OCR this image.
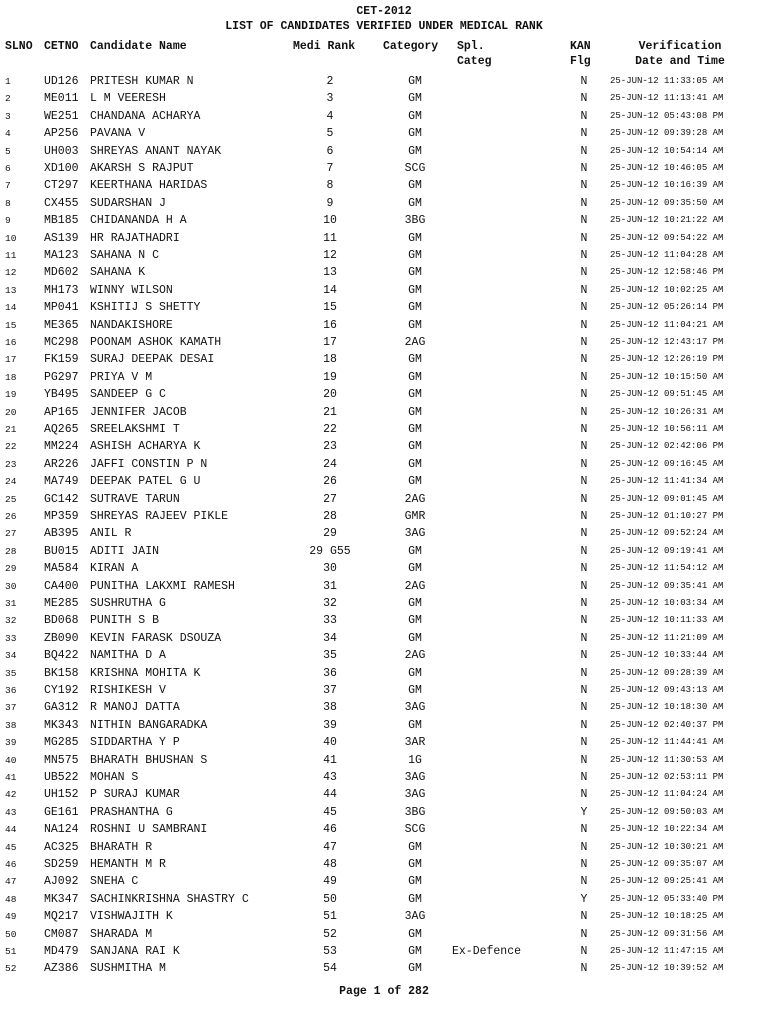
CET-2012
LIST OF CANDIDATES VERIFIED UNDER MEDICAL RANK
SLNO CETNO Candidate Name	Medi Rank Category Spl.
Categ
KAN
Flg
Verification
Date and Time
1	UD126 PRITESH KUMAR N	2	GM	N	25-JUN-12 11:33:05 AM
2	ME011 L M VEERESH	3	GM	N	25-JUN-12 11:13:41 AM
3	WE251 CHANDANA ACHARYA	4	GM	N	25-JUN-12 05:43:08 PM
4	AP256 PAVANA V	5	GM	N	25-JUN-12 09:39:28 AM
5	UH003 SHREYAS ANANT NAYAK	6	GM	N	25-JUN-12 10:54:14 AM
6	XD100 AKARSH S RAJPUT	7	SCG	N	25-JUN-12 10:46:05 AM
7	CT297 KEERTHANA HARIDAS	8	GM	N	25-JUN-12 10:16:39 AM
8	CX455 SUDARSHAN J	9	GM	N	25-JUN-12 09:35:50 AM
9	MB185 CHIDANANDA H A	10	3BG	N	25-JUN-12 10:21:22 AM
10 AS139 HR RAJATHADRI	11	GM	N	25-JUN-12 09:54:22 AM
11 MA123 SAHANA N C	12	GM	N	25-JUN-12 11:04:28 AM
12 MD602 SAHANA K	13	GM	N	25-JUN-12 12:58:46 PM
13 MH173 WINNY WILSON	14	GM	N	25-JUN-12 10:02:25 AM
14 MP041 KSHITIJ S SHETTY	15	GM	N	25-JUN-12 05:26:14 PM
15 ME365 NANDAKISHORE	16	GM	N	25-JUN-12 11:04:21 AM
16 MC298 POONAM ASHOK KAMATH	17	2AG	N	25-JUN-12 12:43:17 PM
17 FK159 SURAJ DEEPAK DESAI	18	GM	N	25-JUN-12 12:26:19 PM
18 PG297 PRIYA V M	19	GM	N	25-JUN-12 10:15:50 AM
19 YB495 SANDEEP G C	20	GM	N	25-JUN-12 09:51:45 AM
20 AP165 JENNIFER JACOB	21	GM	N	25-JUN-12 10:26:31 AM
21 AQ265 SREELAKSHMI T	22	GM	N	25-JUN-12 10:56:11 AM
22 MM224 ASHISH ACHARYA K	23	GM	N	25-JUN-12 02:42:06 PM
23 AR226 JAFFI CONSTIN P N	24	GM	N	25-JUN-12 09:16:45 AM
24 MA749 DEEPAK PATEL G U	26	GM	N	25-JUN-12 11:41:34 AM
25 GC142 SUTRAVE TARUN	27	2AG	N	25-JUN-12 09:01:45 AM
26 MP359 SHREYAS RAJEEV PIKLE	28	GMR	N	25-JUN-12 01:10:27 PM
27 AB395 ANIL R	29	3AG	N	25-JUN-12 09:52:24 AM
28 BU015 ADITI JAIN	29 G55	GM	N	25-JUN-12 09:19:41 AM
29 MA584 KIRAN A	30	GM	N	25-JUN-12 11:54:12 AM
30 CA400 PUNITHA LAKXMI RAMESH	31	2AG	N	25-JUN-12 09:35:41 AM
31 ME285 SUSHRUTHA G	32	GM	N	25-JUN-12 10:03:34 AM
32 BD068 PUNITH S B	33	GM	N	25-JUN-12 10:11:33 AM
33 ZB090 KEVIN FARASK DSOUZA	34	GM	N	25-JUN-12 11:21:09 AM
34 BQ422 NAMITHA D A	35	2AG	N	25-JUN-12 10:33:44 AM
35 BK158 KRISHNA MOHITA K	36	GM	N	25-JUN-12 09:28:39 AM
36 CY192 RISHIKESH V	37	GM	N	25-JUN-12 09:43:13 AM
37 GA312 R MANOJ DATTA	38	3AG	N	25-JUN-12 10:18:30 AM
38 MK343 NITHIN BANGARADKA	39	GM	N	25-JUN-12 02:40:37 PM
39 MG285 SIDDARTHA Y P	40	3AR	N	25-JUN-12 11:44:41 AM
40 MN575 BHARATH BHUSHAN S	41	1G	N	25-JUN-12 11:30:53 AM
41 UB522 MOHAN S	43	3AG	N	25-JUN-12 02:53:11 PM
42 UH152 P SURAJ KUMAR	44	3AG	N	25-JUN-12 11:04:24 AM
43 GE161 PRASHANTHA G	45	3BG	Y	25-JUN-12 09:50:03 AM
44 NA124 ROSHNI U SAMBRANI	46	SCG	N	25-JUN-12 10:22:34 AM
45 AC325 BHARATH R	47	GM	N	25-JUN-12 10:30:21 AM
46 SD259 HEMANTH M R	48	GM	N	25-JUN-12 09:35:07 AM
47 AJ092 SNEHA C	49	GM	N	25-JUN-12 09:25:41 AM
48 MK347 SACHINKRISHNA SHASTRY C	50	GM	Y	25-JUN-12 05:33:40 PM
49 MQ217 VISHWAJITH K	51	3AG	N	25-JUN-12 10:18:25 AM
50 CM087 SHARADA M	52	GM	N	25-JUN-12 09:31:56 AM
51 MD479 SANJANA RAI K	53	GM	Ex-Defence	N	25-JUN-12 11:47:15 AM
52 AZ386 SUSHMITHA M	54	GM	N	25-JUN-12 10:39:52 AM
Page 1 of 282
